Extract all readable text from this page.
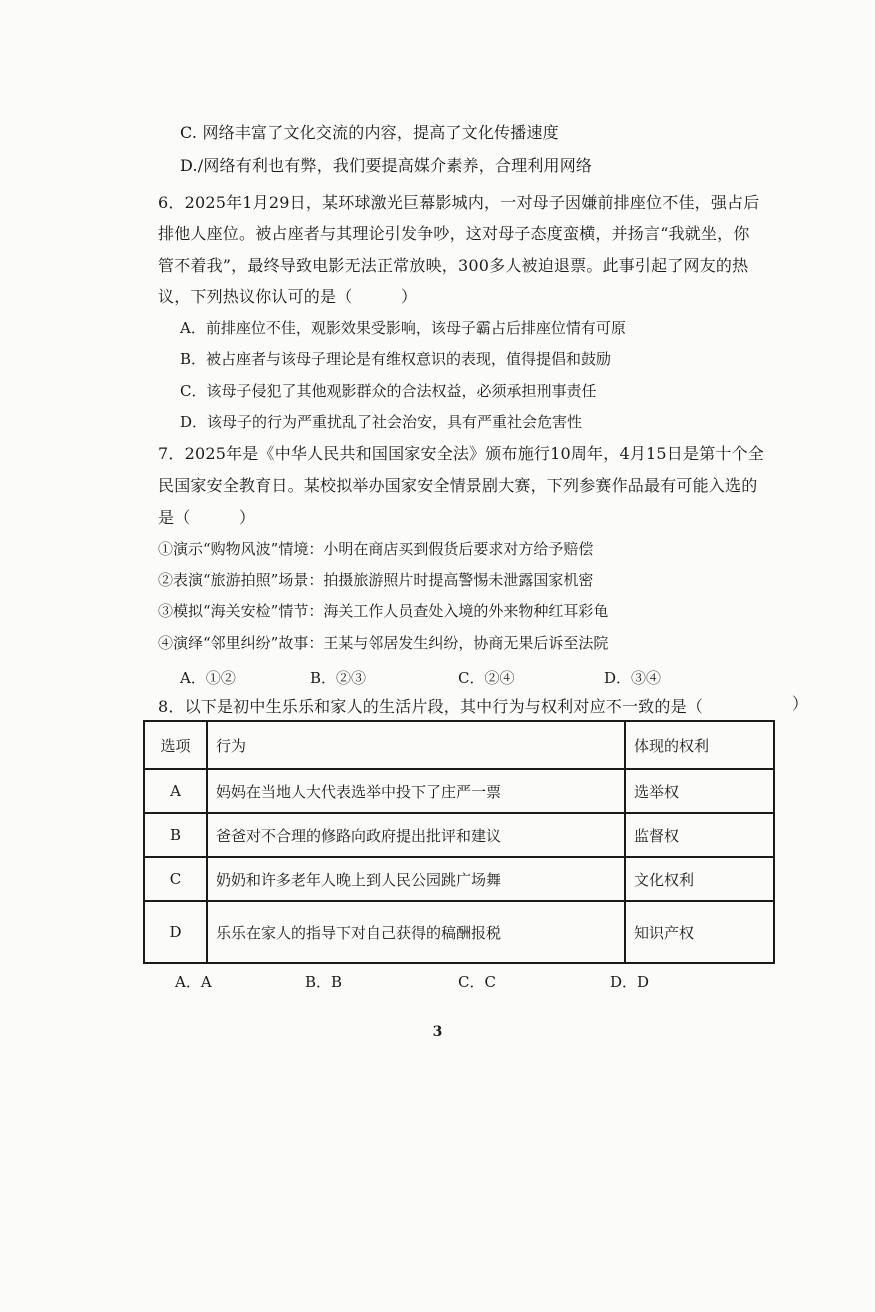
C. 网络丰富了文化交流的内容，提高了文化传播速度
D./网络有利也有弊，我们要提高媒介素养，合理利用网络
6．2025年1月29日，某环球激光巨幕影城内，一对母子因嫌前排座位不佳，强占后
排他人座位。被占座者与其理论引发争吵，这对母子态度蛮横，并扬言“我就坐，你
管不着我”，最终导致电影无法正常放映，300多人被迫退票。此事引起了网友的热
议，下列热议你认可的是（　　　）
A．前排座位不佳，观影效果受影响，该母子霸占后排座位情有可原
B．被占座者与该母子理论是有维权意识的表现，值得提倡和鼓励
C．该母子侵犯了其他观影群众的合法权益，必须承担刑事责任
D．该母子的行为严重扰乱了社会治安，具有严重社会危害性
7．2025年是《中华人民共和国国家安全法》颁布施行10周年，4月15日是第十个全
民国家安全教育日。某校拟举办国家安全情景剧大赛，下列参赛作品最有可能入选的
是（　　　）
①演示“购物风波”情境：小明在商店买到假货后要求对方给予赔偿
②表演“旅游拍照”场景：拍摄旅游照片时提高警惕未泄露国家机密
③模拟“海关安检”情节：海关工作人员查处入境的外来物种红耳彩龟
④演绎“邻里纠纷”故事：王某与邻居发生纠纷，协商无果后诉至法院
A．①②	B．②③	C．②④	D．③④
8．以下是初中生乐乐和家人的生活片段，其中行为与权利对应不一致的是（	）
选项	行为	体现的权利
A	妈妈在当地人大代表选举中投下了庄严一票	选举权
B	爸爸对不合理的修路向政府提出批评和建议	监督权
C	奶奶和许多老年人晚上到人民公园跳广场舞	文化权利
D	乐乐在家人的指导下对自己获得的稿酬报税	知识产权
A．A	B．B	C．C	D．D
3
